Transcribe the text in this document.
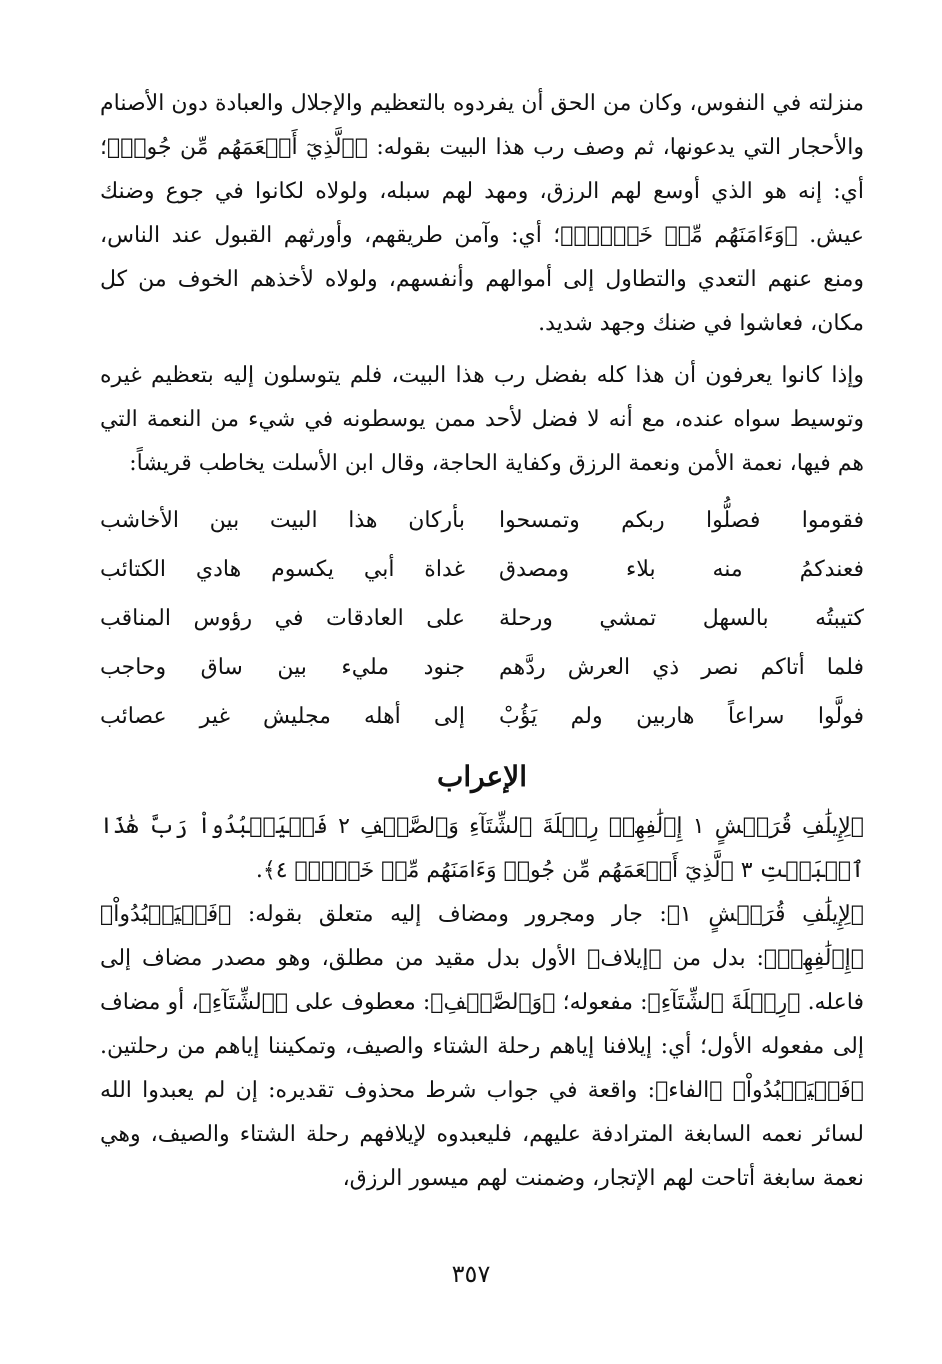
منزلته في النفوس، وكان من الحق أن يفردوه بالتعظيم والإجلال والعبادة دون الأصنام والأحجار التي يدعونها، ثم وصف رب هذا البيت بقوله: ﴿ٱلَّذِيٓ أَطۡعَمَهُم مِّن جُوعٖ﴾؛ أي: إنه هو الذي أوسع لهم الرزق، ومهد لهم سبله، ولولاه لكانوا في جوع وضنك عيش. ﴿وَءَامَنَهُم مِّنۡ خَوۡفِۭ﴾؛ أي: وآمن طريقهم، وأورثهم القبول عند الناس، ومنع عنهم التعدي والتطاول إلى أموالهم وأنفسهم، ولولاه لأخذهم الخوف من كل مكان، فعاشوا في ضنك وجهد شديد.

وإذا كانوا يعرفون أن هذا كله بفضل رب هذا البيت، فلم يتوسلون إليه بتعظيم غيره وتوسيط سواه عنده، مع أنه لا فضل لأحد ممن يوسطونه في شيء من النعمة التي هم فيها، نعمة الأمن ونعمة الرزق وكفاية الحاجة، وقال ابن الأسلت يخاطب قريشاً:

فقوموا فصلُّوا ربكم وتمسحوا
بأركان هذا البيت بين الأخاشب
فعندكمُ منه بلاء ومصدق
غداة أبي يكسوم هادي الكتائب
كتيبتُه بالسهل تمشي ورحلة
على العادقات في رؤوس المناقب
فلما أتاكم نصر ذي العرش ردَّهم
جنود مليء بين ساق وحاجب
فولَّوا سراعاً هاربين ولم يَؤُبْ
إلى أهله مجليش غير عصائب
الإعراب

﴿لِإِيلَٰفِ قُرَيۡشٍ ١ إِۦلَٰفِهِمۡ رِحۡلَةَ ٱلشِّتَآءِ وَٱلصَّيۡفِ ٢ فَلۡيَعۡبُدُواْ رَبَّ هَٰذَا ٱلۡبَيۡتِ ٣ ٱلَّذِيٓ أَطۡعَمَهُم مِّن جُوعٖ وَءَامَنَهُم مِّنۡ خَوۡفِۭ ٤﴾.

﴿لِإِيلَٰفِ قُرَيۡشٍ ١﴾: جار ومجرور ومضاف إليه متعلق بقوله: ﴿فَلۡيَعۡبُدُواْ﴾ ﴿إِۦلَٰفِهِمۡ﴾: بدل من ﴿إيلاف﴾ الأول بدل مقيد من مطلق، وهو مصدر مضاف إلى فاعله. ﴿رِحۡلَةَ ٱلشِّتَآءِ﴾: مفعوله؛ ﴿وَٱلصَّيۡفِ﴾: معطوف على ﴿ٱلشِّتَآءِ﴾، أو مضاف إلى مفعوله الأول؛ أي: إيلافنا إياهم رحلة الشتاء والصيف، وتمكيننا إياهم من رحلتين. ﴿فَلۡيَعۡبُدُواْ﴾ ﴿الفاء﴾: واقعة في جواب شرط محذوف تقديره: إن لم يعبدوا الله لسائر نعمه السابغة المترادفة عليهم، فليعبدوه لإيلافهم رحلة الشتاء والصيف، وهي نعمة سابغة أتاحت لهم الإتجار، وضمنت لهم ميسور الرزق،

٣٥٧
